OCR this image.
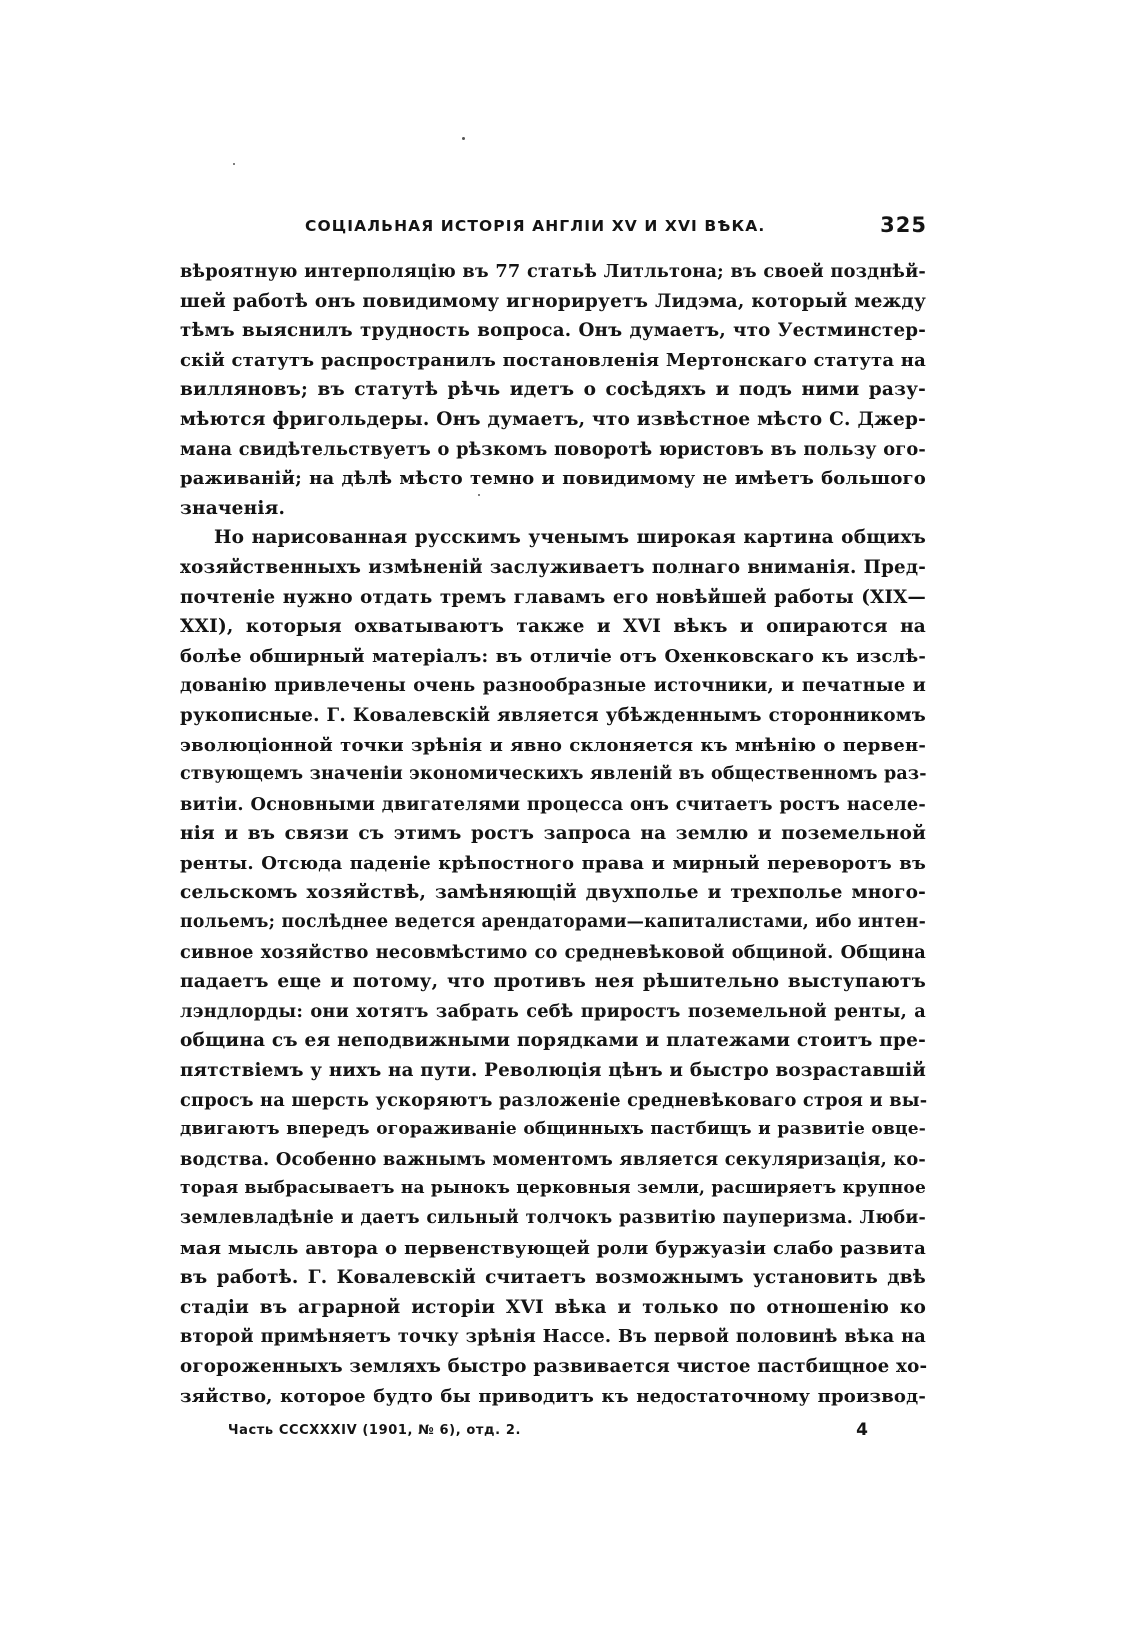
СОЦІАЛЬНАЯ ИСТОРІЯ АНГЛІИ XV И XVI ВѢКА.	325

вѣроятную интерполяцію въ 77 статьѣ Литльтона; въ своей позднѣй-
шей работѣ онъ повидимому игнорируетъ Лидэма, который между
тѣмъ выяснилъ трудность вопроса. Онъ думаетъ, что Уестминстер-
скій статутъ распространилъ постановленія Мертонскаго статута на
вилляновъ; въ статутѣ рѣчь идетъ о сосѣдяхъ и подъ ними разу-
мѣются фригольдеры. Онъ думаетъ, что извѣстное мѣсто С. Джер-
мана свидѣтельствуетъ о рѣзкомъ поворотѣ юристовъ въ пользу ого-
раживаній; на дѣлѣ мѣсто темно и повидимому не имѣетъ большого
значенія.

Но нарисованная русскимъ ученымъ широкая картина общихъ
хозяйственныхъ измѣненій заслуживаетъ полнаго вниманія. Пред-
почтеніе нужно отдать тремъ главамъ его новѣйшей работы (XIX—
XXI), которыя охватываютъ также и XVI вѣкъ и опираются на
болѣе обширный матеріалъ: въ отличіе отъ Охенковскаго къ изслѣ-
дованію привлечены очень разнообразные источники, и печатные и
рукописные. Г. Ковалевскій является убѣжденнымъ сторонникомъ
эволюціонной точки зрѣнія и явно склоняется къ мнѣнію о первен-
ствующемъ значеніи экономическихъ явленій въ общественномъ раз-
витіи. Основными двигателями процесса онъ считаетъ ростъ населе-
нія и въ связи съ этимъ ростъ запроса на землю и поземельной
ренты. Отсюда паденіе крѣпостного права и мирный переворотъ въ
сельскомъ хозяйствѣ, замѣняющій двухполье и трехполье много-
польемъ; послѣднее ведется арендаторами—капиталистами, ибо интен-
сивное хозяйство несовмѣстимо со средневѣковой общиной. Община
падаетъ еще и потому, что противъ нея рѣшительно выступаютъ
лэндлорды: они хотятъ забрать себѣ приростъ поземельной ренты, а
община съ ея неподвижными порядками и платежами стоитъ пре-
пятствіемъ у нихъ на пути. Революція цѣнъ и быстро возраставшій
спросъ на шерсть ускоряютъ разложеніе средневѣковаго строя и вы-
двигаютъ впередъ огораживаніе общинныхъ пастбищъ и развитіе овце-
водства. Особенно важнымъ моментомъ является секуляризація, ко-
торая выбрасываетъ на рынокъ церковныя земли, расширяетъ крупное
землевладѣніе и даетъ сильный толчокъ развитію пауперизма. Люби-
мая мысль автора о первенствующей роли буржуазіи слабо развита
въ работѣ. Г. Ковалевскій считаетъ возможнымъ установить двѣ
стадіи въ аграрной исторіи XVI вѣка и только по отношенію ко
второй примѣняетъ точку зрѣнія Нассе. Въ первой половинѣ вѣка на
огороженныхъ земляхъ быстро развивается чистое пастбищное хо-
зяйство, которое будто бы приводитъ къ недостаточному производ-

Часть CCCXXXIV (1901, № 6), отд. 2.	4
